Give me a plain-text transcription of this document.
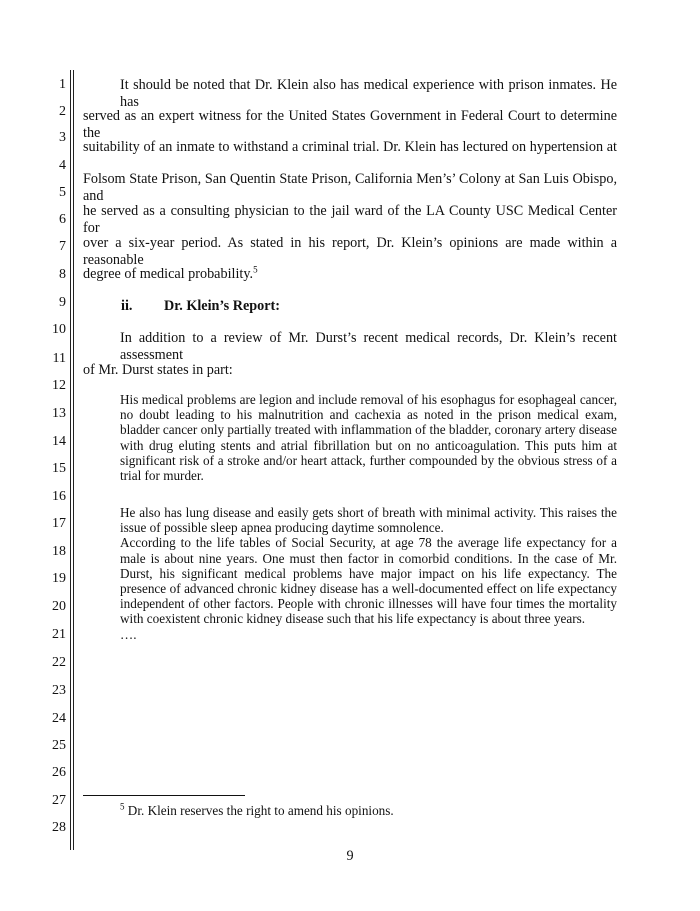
1
2
3
4
5
6
7
8
9
10
11
12
13
14
15
16
17
18
19
20
21
22
23
24
25
26
27
28
It should be noted that Dr. Klein also has medical experience with prison inmates. He has
served as an expert witness for the United States Government in Federal Court to determine the
suitability of an inmate to withstand a criminal trial. Dr. Klein has lectured on hypertension at
Folsom State Prison, San Quentin State Prison, California Men’s’ Colony at San Luis Obispo, and
he served as a consulting physician to the jail ward of the LA County USC Medical Center for
over a six-year period. As stated in his report, Dr. Klein’s opinions are made within a reasonable
degree of medical probability.$^5$
ii. Dr. Klein’s Report:
In addition to a review of Mr. Durst’s recent medical records, Dr. Klein’s recent assessment
of Mr. Durst states in part:

His medical problems are legion and include removal of his esophagus for esophageal cancer, no doubt leading to his malnutrition and cachexia as noted in the prison medical exam, bladder cancer only partially treated with inflammation of the bladder, coronary artery disease with drug eluting stents and atrial fibrillation but on no anticoagulation. This puts him at significant risk of a stroke and/or heart attack, further compounded by the obvious stress of a trial for murder.

He also has lung disease and easily gets short of breath with minimal activity. This raises the issue of possible sleep apnea producing daytime somnolence.

According to the life tables of Social Security, at age 78 the average life expectancy for a male is about nine years. One must then factor in comorbid conditions. In the case of Mr. Durst, his significant medical problems have major impact on his life expectancy. The presence of advanced chronic kidney disease has a well-documented effect on life expectancy independent of other factors. People with chronic illnesses will have four times the mortality with coexistent chronic kidney disease such that his life expectancy is about three years.

….

$^5$ Dr. Klein reserves the right to amend his opinions.
9
